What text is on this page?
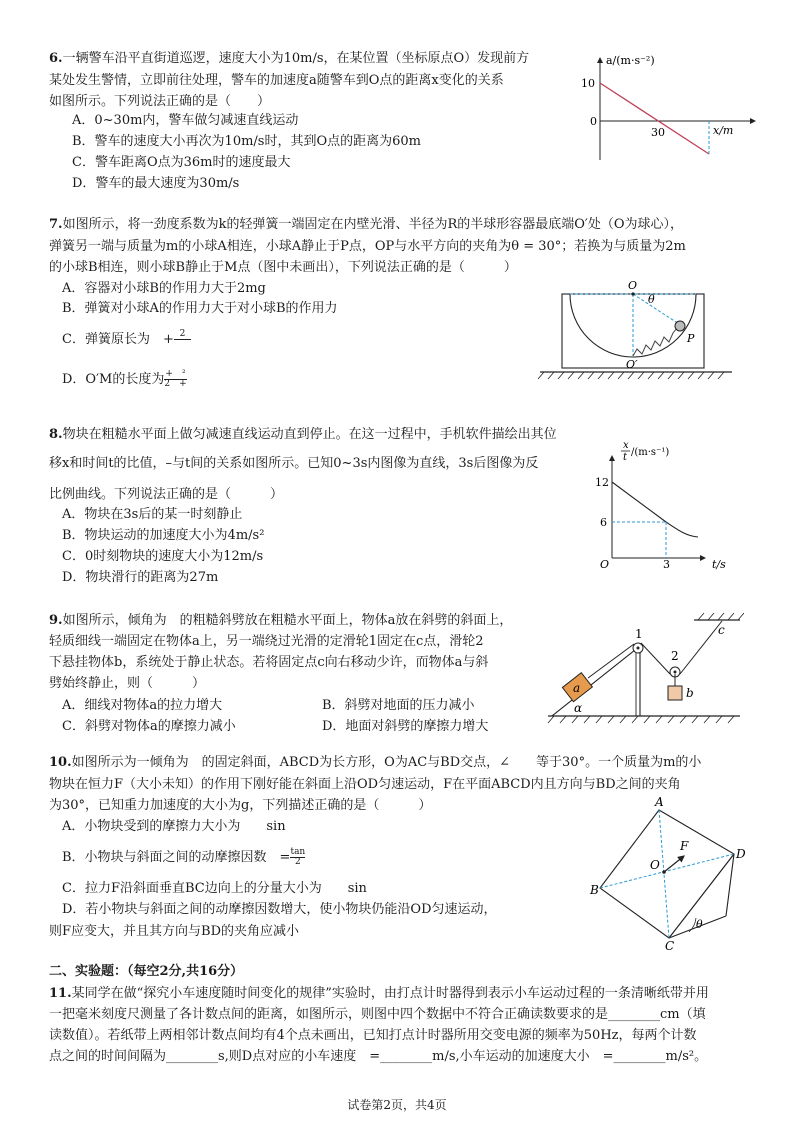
6.一辆警车沿平直街道巡逻，速度大小为10m/s，在某位置（坐标原点O）发现前方
某处发生警情，立即前往处理，警车的加速度a随警车到O点的距离x变化的关系
如图所示。下列说法正确的是（　　）
A．0~30m内，警车做匀减速直线运动
B．警车的速度大小再次为10m/s时，其到O点的距离为60m
C．警车距离O点为36m时的速度最大
D．警车的最大速度为30m/s
a/(m·s⁻²)
10
0
30	x/m
7.如图所示，将一劲度系数为k的轻弹簧一端固定在内壁光滑、半径为R的半球形容器最底端O′处（O为球心），
弹簧另一端与质量为m的小球A相连，小球A静止于P点，OP与水平方向的夹角为θ = 30°；若换为与质量为2m
的小球B相连，则小球B静止于M点（图中未画出），下列说法正确的是（　　　）
A．容器对小球B的作用力大于2mg
B．弹簧对小球A的作用力大于对小球B的作用力
C．弹簧原长为　 + 2

D．O′M的长度为 $\frac{\text{+　²}}{2 +}$
O
θ
P
O′
8.物块在粗糙水平面上做匀减速直线运动直到停止。在这一过程中，手机软件描绘出其位
移x和时间t的比值，–与t间的关系如图所示。已知0~3s内图像为直线，3s后图像为反
比例曲线。下列说法正确的是（　　　）
A．物块在3s后的某一时刻静止
B．物块运动的加速度大小为4m/s²
C．0时刻物块的速度大小为12m/s
D．物块滑行的距离为27m
x
t /(m·s⁻¹)
12
6
O	3	t/s
9.如图所示，倾角为　的粗糙斜劈放在粗糙水平面上，物体a放在斜劈的斜面上，
轻质细线一端固定在物体a上，另一端绕过光滑的定滑轮1固定在c点，滑轮2
下悬挂物体b，系统处于静止状态。若将固定点c向右移动少许，而物体a与斜
劈始终静止，则（　　　）
A．细线对物体a的拉力增大	B．斜劈对地面的压力减小
C．斜劈对物体a的摩擦力减小	D．地面对斜劈的摩擦力增大
1
2
c
a	b
α
10.如图所示为一倾角为　的固定斜面，ABCD为长方形，O为AC与BD交点，∠　　等于30°。一个质量为m的小
物块在恒力F（大小未知）的作用下刚好能在斜面上沿OD匀速运动，F在平面ABCD内且方向与BD之间的夹角
为30°，已知重力加速度的大小为g，下列描述正确的是（　　　）
A．小物块受到的摩擦力大小为　　sin
B．小物块与斜面之间的动摩擦因数　= $\frac{\tan}{2}$
C．拉力F沿斜面垂直BC边向上的分量大小为　　sin
D．若小物块与斜面之间的动摩擦因数增大，使小物块仍能沿OD匀速运动，
则F应变大，并且其方向与BD的夹角应减小
A
D
C
B
O
F
θ
二、实验题：（每空2分,共16分）
11.某同学在做“探究小车速度随时间变化的规律”实验时，由打点计时器得到表示小车运动过程的一条清晰纸带并用
一把毫米刻度尺测量了各计数点间的距离，如图所示，则图中四个数据中不符合正确读数要求的是________cm（填
读数值）。若纸带上两相邻计数点间均有4个点未画出，已知打点计时器所用交变电源的频率为50Hz，每两个计数
点之间的时间间隔为________s,则D点对应的小车速度　=________m/s,小车运动的加速度大小　=________m/s²。
试卷第2页，共4页
